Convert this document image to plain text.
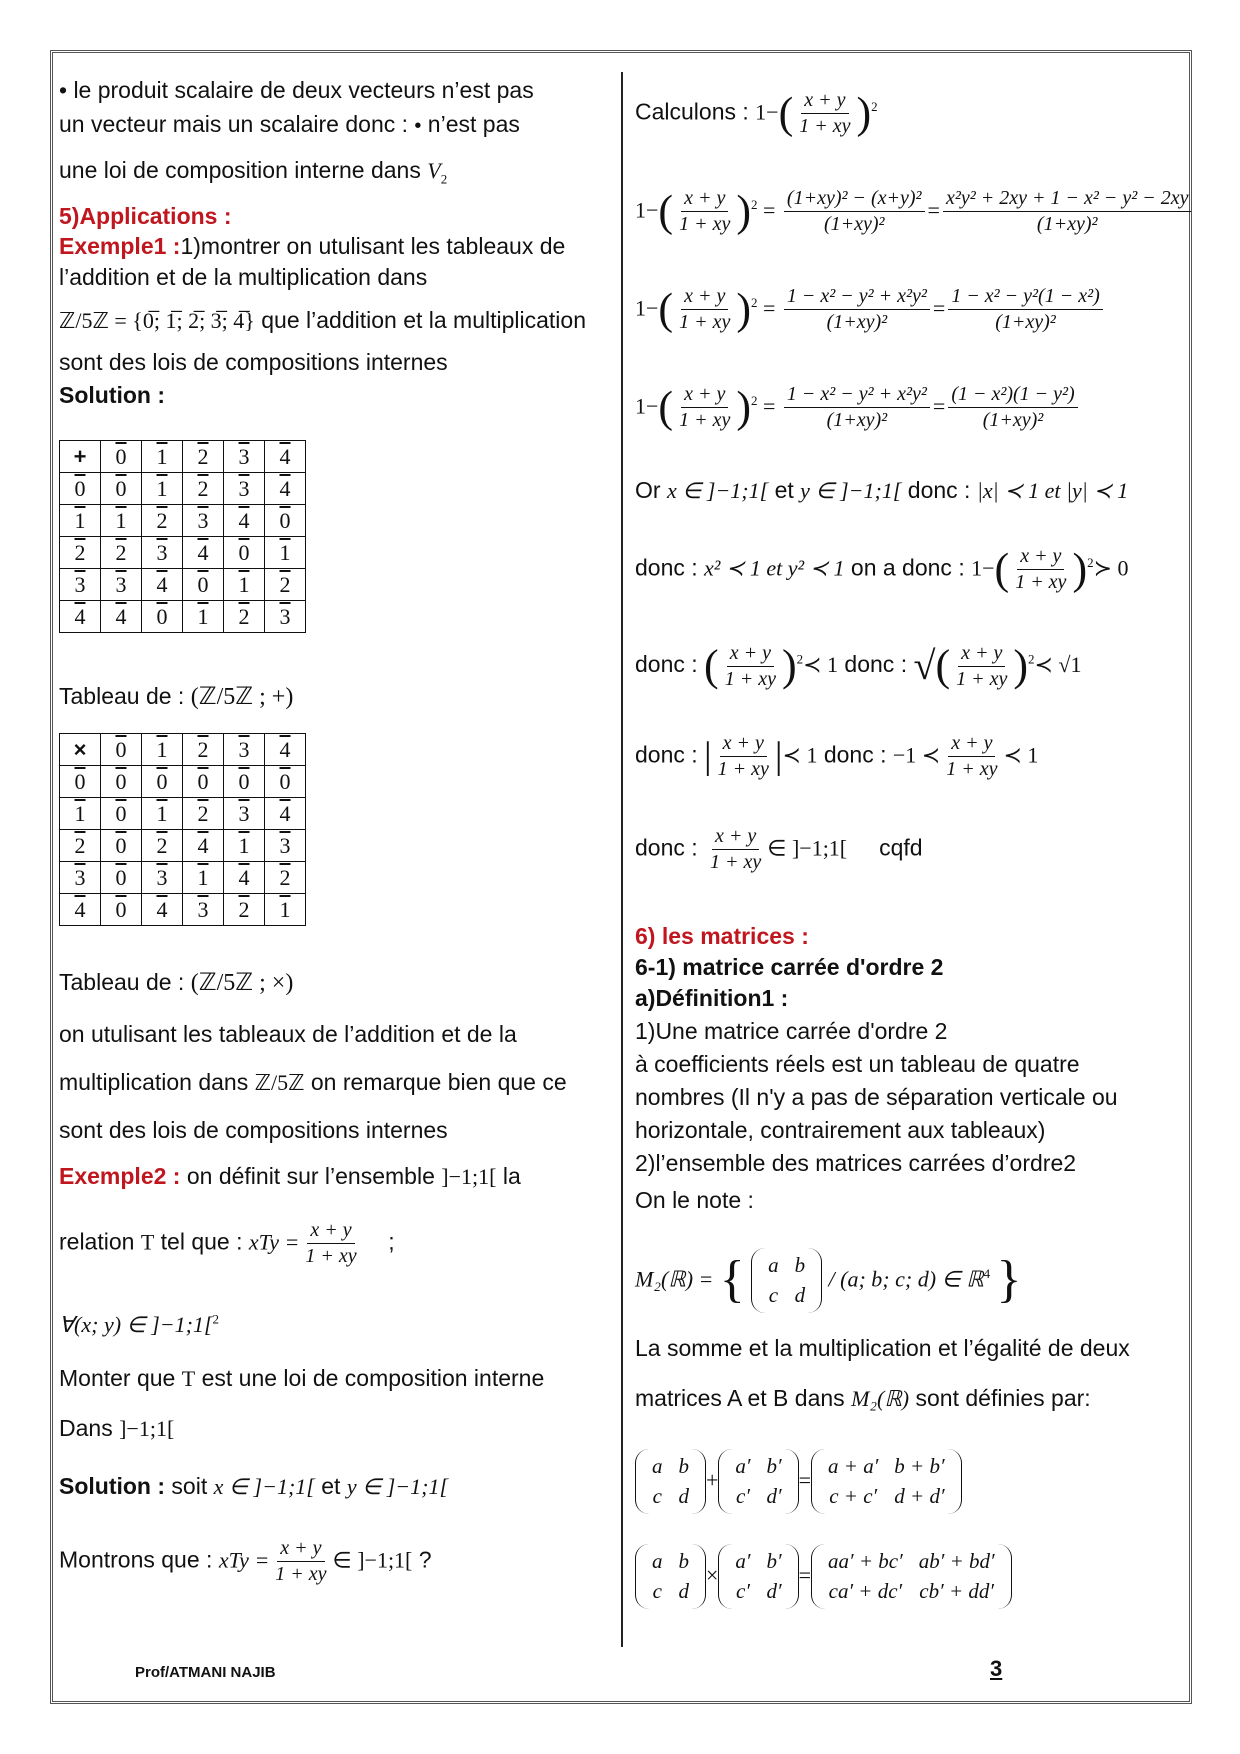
• le produit scalaire de deux vecteurs n’est pas
un vecteur mais un scalaire donc : • n’est pas
une loi de composition interne dans $V_2$
5)Applications :
Exemple1 :1)montrer on utulisant les tableaux de
l’addition et de la multiplication dans
ℤ/5ℤ = {0̅; 1̅; 2̅; 3̅; 4̅} que l’addition et la multiplication
sont des lois de compositions internes
Solution :
+	0	1	2	3	4
0	0	1	2	3	4
1	1	2	3	4	0
2	2	3	4	0	1
3	3	4	0	1	2
4	4	0	1	2	3
Tableau de : (ℤ/5ℤ ; +)
×	0	1	2	3	4
0	0	0	0	0	0
1	0	1	2	3	4
2	0	2	4	1	3
3	0	3	1	4	2
4	0	4	3	2	1
Tableau de : (ℤ/5ℤ ; ×)
on utulisant les tableaux de l’addition et de la
multiplication dans ℤ/5ℤ on remarque bien que ce
sont des lois de compositions internes
Exemple2 : on définit sur l’ensemble ]−1;1[ la
relation T tel que : xTy = $\frac{x + y}{1 + xy}$ ;
∀(x; y) ∈ ]−1;1[$^2$
Monter que T est une loi de composition interne
Dans ]−1;1[
Solution : soit x ∈ ]−1;1[ et y ∈ ]−1;1[
Montrons que : xTy = $\frac{x + y}{1 + xy}$ ∈ ]−1;1[ ?
Calculons : $1-( \frac{x + y}{1 + xy} )^2$
$1-( \frac{x + y}{1 + xy} )^2 = \frac{\text{(1+xy)² − (x+y)²}}{\text{(1+xy)²}} = \frac{\text{x²y² + 2xy + 1 − x² − y² − 2xy}}{\text{(1+xy)²}}$
$1-( \frac{x + y}{1 + xy} )^2 = \frac{\text{1 − x² − y² + x²y²}}{\text{(1+xy)²}} = \frac{\text{1 − x² − y²(1 − x²)}}{\text{(1+xy)²}}$
$1-( \frac{x + y}{1 + xy} )^2 = \frac{\text{1 − x² − y² + x²y²}}{\text{(1+xy)²}} = \frac{\text{(1 − x²)(1 − y²)}}{\text{(1+xy)²}}$
Or x ∈ ]−1;1[ et y ∈ ]−1;1[ donc : |x| ≺ 1 et |y| ≺ 1
donc : x² ≺ 1 et y² ≺ 1 on a donc : $1-( \frac{x + y}{1 + xy}$ )$^2≻$ 0
donc : ( $\frac{x + y}{1 + xy}$ )$^2$≺ 1 donc : √( $\frac{x + y}{1 + xy}$ )$^2$≺ √1
donc : | $\frac{x + y}{1 + xy}$ |≺ 1 donc : −1 ≺ $\frac{x + y}{1 + xy}$ ≺ 1
donc : $\frac{x + y}{1 + xy}$ ∈ ]−1;1[ cqfd
6) les matrices :
6-1) matrice carrée d'ordre 2
a)Définition1 :
1)Une matrice carrée d'ordre 2
à coefficients réels est un tableau de quatre
nombres (Il n'y a pas de séparation verticale ou
horizontale, contrairement aux tableaux)
2)l’ensemble des matrices carrées d’ordre2
On le note :
M₂(ℝ) = { a	b
c	d
/ (a; b; c; d) ∈ ℝ$^4$ }
La somme et la multiplication et l’égalité de deux
matrices A et B dans M₂(ℝ) sont définies par:
a	b
c	d
+
a′	b′
c′	d′
=
a + a′	b + b′
c + c′	d + d′
a	b
c	d
×
a′	b′
c′	d′
=
aa′ + bc′	ab′ + bd′
ca′ + dc′	cb′ + dd′
Prof/ATMANI NAJIB	3
